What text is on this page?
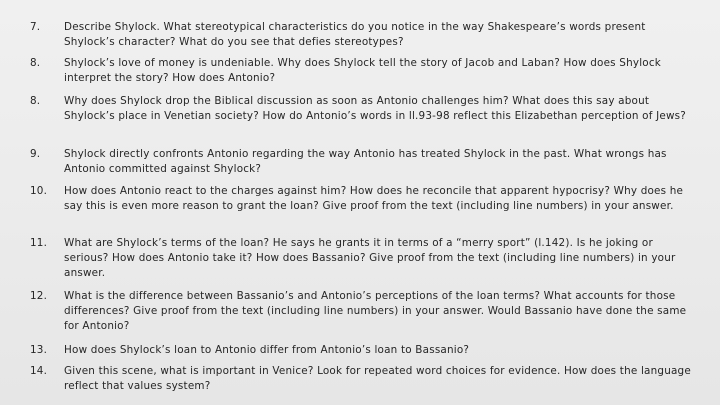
7.	Describe Shylock. What stereotypical characteristics do you notice in the way Shakespeare’s words present Shylock’s character? What do you see that defies stereotypes?
8.	Shylock’s love of money is undeniable. Why does Shylock tell the story of Jacob and Laban? How does Shylock interpret the story? How does Antonio?
8.	Why does Shylock drop the Biblical discussion as soon as Antonio challenges him? What does this say about Shylock’s place in Venetian society? How do Antonio’s words in ll.93-98 reflect this Elizabethan perception of Jews?
9.	Shylock directly confronts Antonio regarding the way Antonio has treated Shylock in the past. What wrongs has Antonio committed against Shylock?
10.	How does Antonio react to the charges against him? How does he reconcile that apparent hypocrisy? Why does he say this is even more reason to grant the loan? Give proof from the text (including line numbers) in your answer.
11.	What are Shylock’s terms of the loan? He says he grants it in terms of a “merry sport” (l.142). Is he joking or serious? How does Antonio take it? How does Bassanio? Give proof from the text (including line numbers) in your answer.
12.	What is the difference between Bassanio’s and Antonio’s perceptions of the loan terms? What accounts for those differences? Give proof from the text (including line numbers) in your answer. Would Bassanio have done the same for Antonio?
13.	How does Shylock’s loan to Antonio differ from Antonio’s loan to Bassanio?
14.	Given this scene, what is important in Venice? Look for repeated word choices for evidence. How does the language reflect that values system?
